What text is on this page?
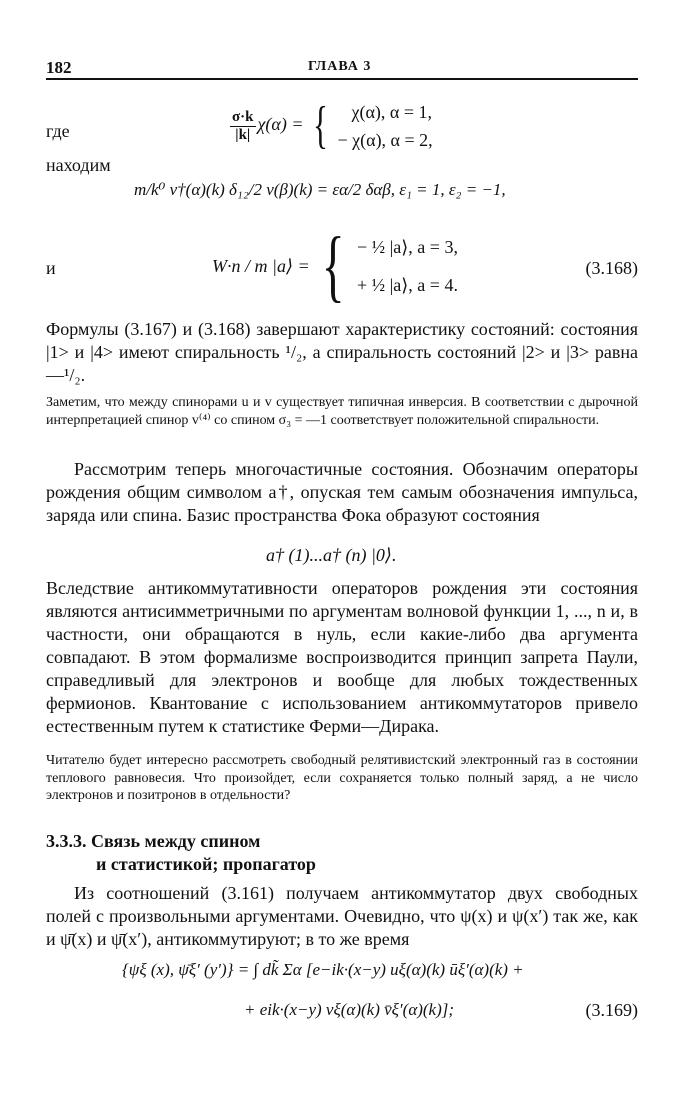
182	ГЛАВА 3
где	$\frac{\sigma\cdot k}{|k|} \chi(\alpha)$ = {	χ(α), α = 1,
− χ(α), α = 2,
находим
m/k⁰ v†(α)(k) δ₁₂/2 v(β)(k) = εα/2 δαβ, ε₁ = 1, ε₂ = −1,
и	W·n / m |a⟩ = { − ½ |a⟩, a = 3,
+ ½ |a⟩, a = 4.
(3.168)

Формулы (3.167) и (3.168) завершают характеристику состояний: состояния |1> и |4> имеют спиральность ¹/₂, а спиральность состояний |2> и |3> равна —¹/₂.

Заметим, что между спинорами u и v существует типичная инверсия. В соответствии с дырочной интерпретацией спинор v⁽⁴⁾ со спином σ₃ = —1 соответствует положительной спиральности.

Рассмотрим теперь многочастичные состояния. Обозначим операторы рождения общим символом a†, опуская тем самым обозначения импульса, заряда или спина. Базис пространства Фока образуют состояния

a† (1)...a† (n) |0⟩.

Вследствие антикоммутативности операторов рождения эти состояния являются антисимметричными по аргументам волновой функции 1, ..., n и, в частности, они обращаются в нуль, если какие-либо два аргумента совпадают. В этом формализме воспроизводится принцип запрета Паули, справедливый для электронов и вообще для любых тождественных фермионов. Квантование с использованием антикоммутаторов привело естественным путем к статистике Ферми—Дирака.

Читателю будет интересно рассмотреть свободный релятивистский электронный газ в состоянии теплового равновесия. Что произойдет, если сохраняется только полный заряд, а не число электронов и позитронов в отдельности?

3.3.3. Связь между спином
и статистикой; пропагатор

Из соотношений (3.161) получаем антикоммутатор двух свободных полей с произвольными аргументами. Очевидно, что ψ(x) и ψ(x′) так же, как и ψ̄(x) и ψ̄(x′), антикоммутируют; в то же время

{ψξ (x), ψ̄ξ′ (y′)} = ∫ dk̃ Σα [e−ik·(x−y) uξ(α)(k) ūξ′(α)(k) +
+ eik·(x−y) vξ(α)(k) v̄ξ′(α)(k)];	(3.169)
